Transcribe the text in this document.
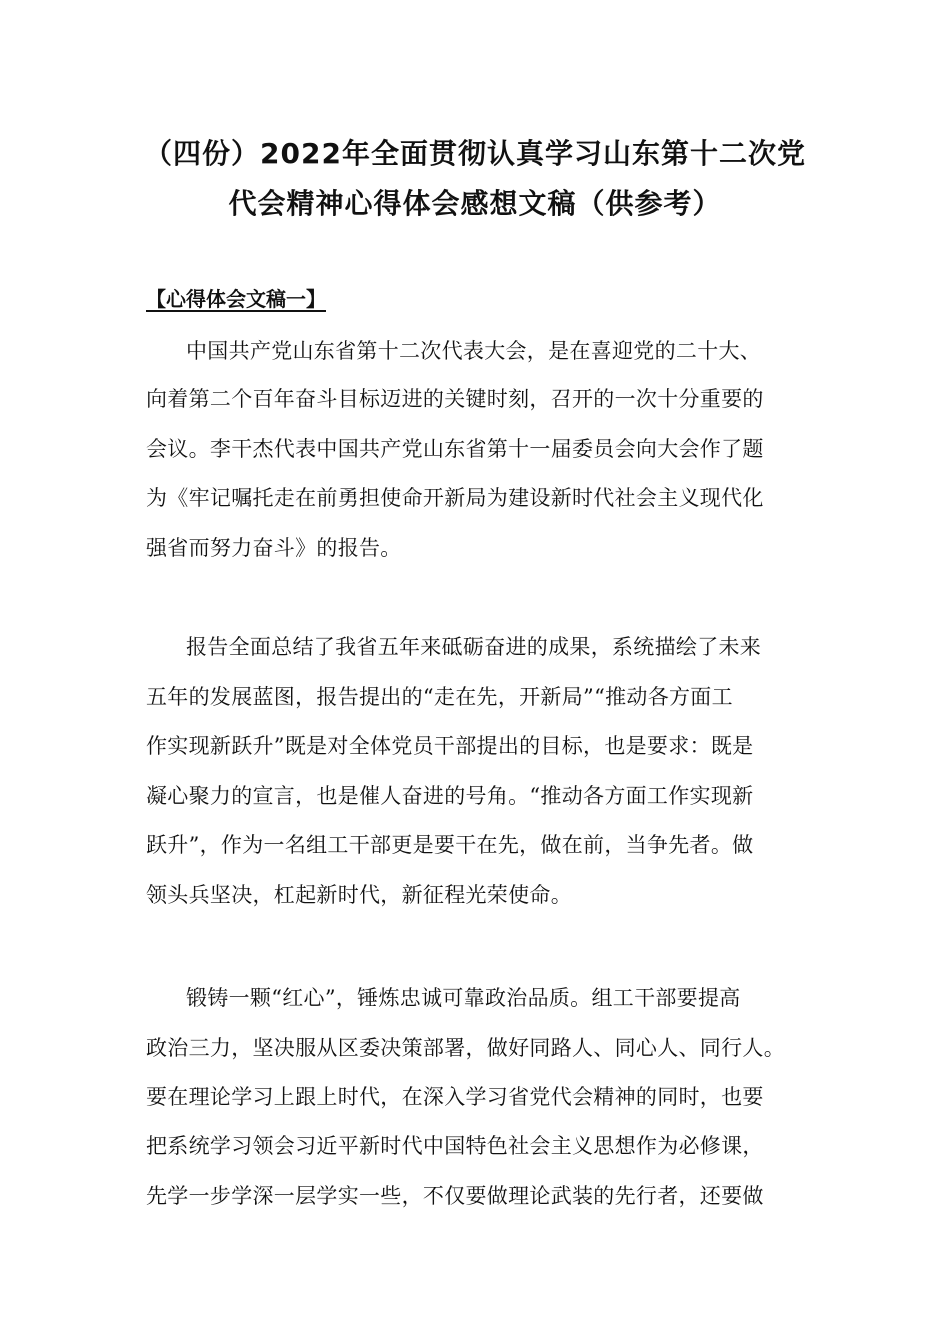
（四份）2022年全面贯彻认真学习山东第十二次党
代会精神心得体会感想文稿（供参考）
【心得体会文稿一】
中国共产党山东省第十二次代表大会，是在喜迎党的二十大、
向着第二个百年奋斗目标迈进的关键时刻，召开的一次十分重要的
会议。李干杰代表中国共产党山东省第十一届委员会向大会作了题
为《牢记嘱托走在前勇担使命开新局为建设新时代社会主义现代化
强省而努力奋斗》的报告。
报告全面总结了我省五年来砥砺奋进的成果，系统描绘了未来
五年的发展蓝图，报告提出的“走在先，开新局”“推动各方面工
作实现新跃升”既是对全体党员干部提出的目标，也是要求：既是
凝心聚力的宣言，也是催人奋进的号角。“推动各方面工作实现新
跃升”，作为一名组工干部更是要干在先，做在前，当争先者。做
领头兵坚决，杠起新时代，新征程光荣使命。
锻铸一颗“红心”，锤炼忠诚可靠政治品质。组工干部要提高
政治三力，坚决服从区委决策部署，做好同路人、同心人、同行人。
要在理论学习上跟上时代，在深入学习省党代会精神的同时，也要
把系统学习领会习近平新时代中国特色社会主义思想作为必修课，
先学一步学深一层学实一些，不仅要做理论武装的先行者，还要做
